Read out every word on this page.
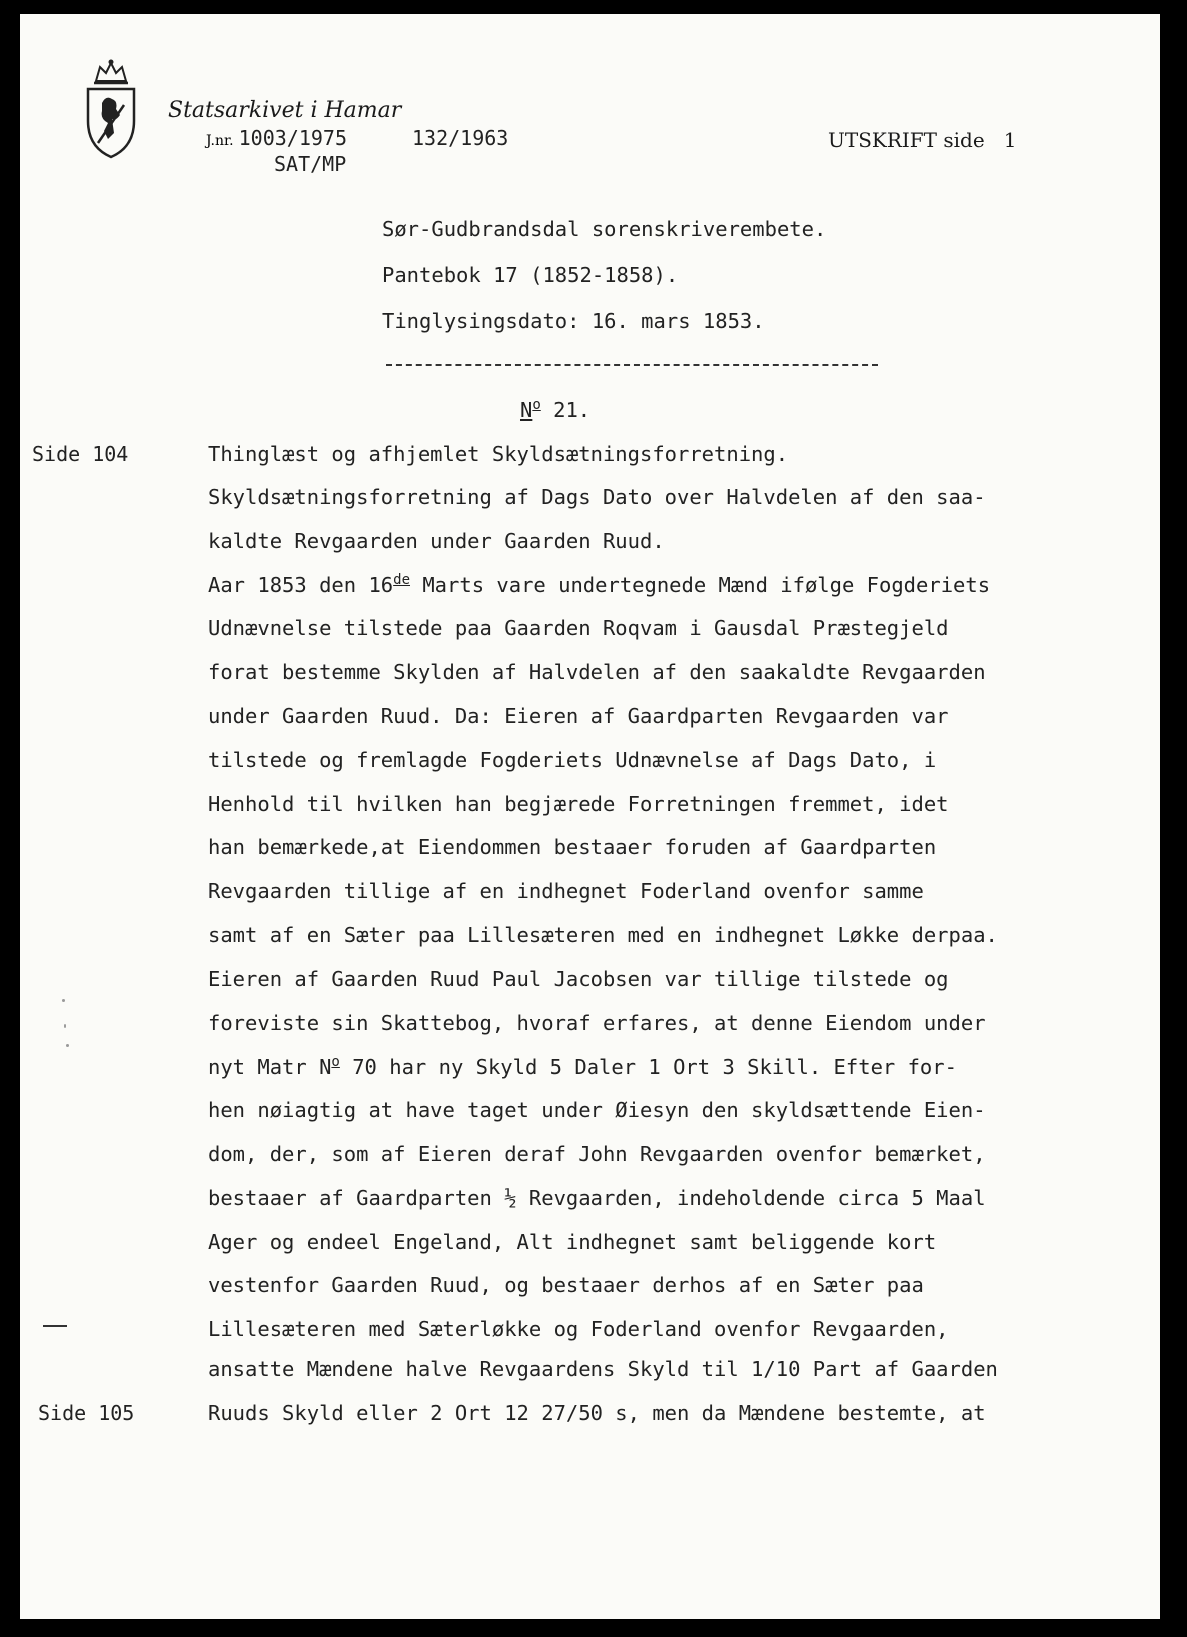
Statsarkivet i Hamar
J.nr. 1003/1975	132/1963
SAT/MP
UTSKRIFT side 1
Sør-Gudbrandsdal sorenskriverembete.
Pantebok 17 (1852-1858).
Tinglysingsdato: 16. mars 1853.
$N^o$ 21.
Side 104
Side 105
Thinglæst og afhjemlet Skyldsætningsforretning.
Skyldsætningsforretning af Dags Dato over Halvdelen af den saa-
kaldte Revgaarden under Gaarden Ruud.
Aar 1853 den 16de Marts vare undertegnede Mænd ifølge Fogderiets
Udnævnelse tilstede paa Gaarden Roqvam i Gausdal Præstegjeld
forat bestemme Skylden af Halvdelen af den saakaldte Revgaarden
under Gaarden Ruud. Da: Eieren af Gaardparten Revgaarden var
tilstede og fremlagde Fogderiets Udnævnelse af Dags Dato, i
Henhold til hvilken han begjærede Forretningen fremmet, idet
han bemærkede,at Eiendommen bestaaer foruden af Gaardparten
Revgaarden tillige af en indhegnet Foderland ovenfor samme
samt af en Sæter paa Lillesæteren med en indhegnet Løkke derpaa.
Eieren af Gaarden Ruud Paul Jacobsen var tillige tilstede og
foreviste sin Skattebog, hvoraf erfares, at denne Eiendom under
nyt Matr $N^o$ 70 har ny Skyld 5 Daler 1 Ort 3 Skill. Efter for-
hen nøiagtig at have taget under Øiesyn den skyldsættende Eien-
dom, der, som af Eieren deraf John Revgaarden ovenfor bemærket,
bestaaer af Gaardparten ½ Revgaarden, indeholdende circa 5 Maal
Ager og endeel Engeland, Alt indhegnet samt beliggende kort
vestenfor Gaarden Ruud, og bestaaer derhos af en Sæter paa
Lillesæteren med Sæterløkke og Foderland ovenfor Revgaarden,
ansatte Mændene halve Revgaardens Skyld til 1/10 Part af Gaarden
Ruuds Skyld eller 2 Ort 12 27/50 s, men da Mændene bestemte, at
